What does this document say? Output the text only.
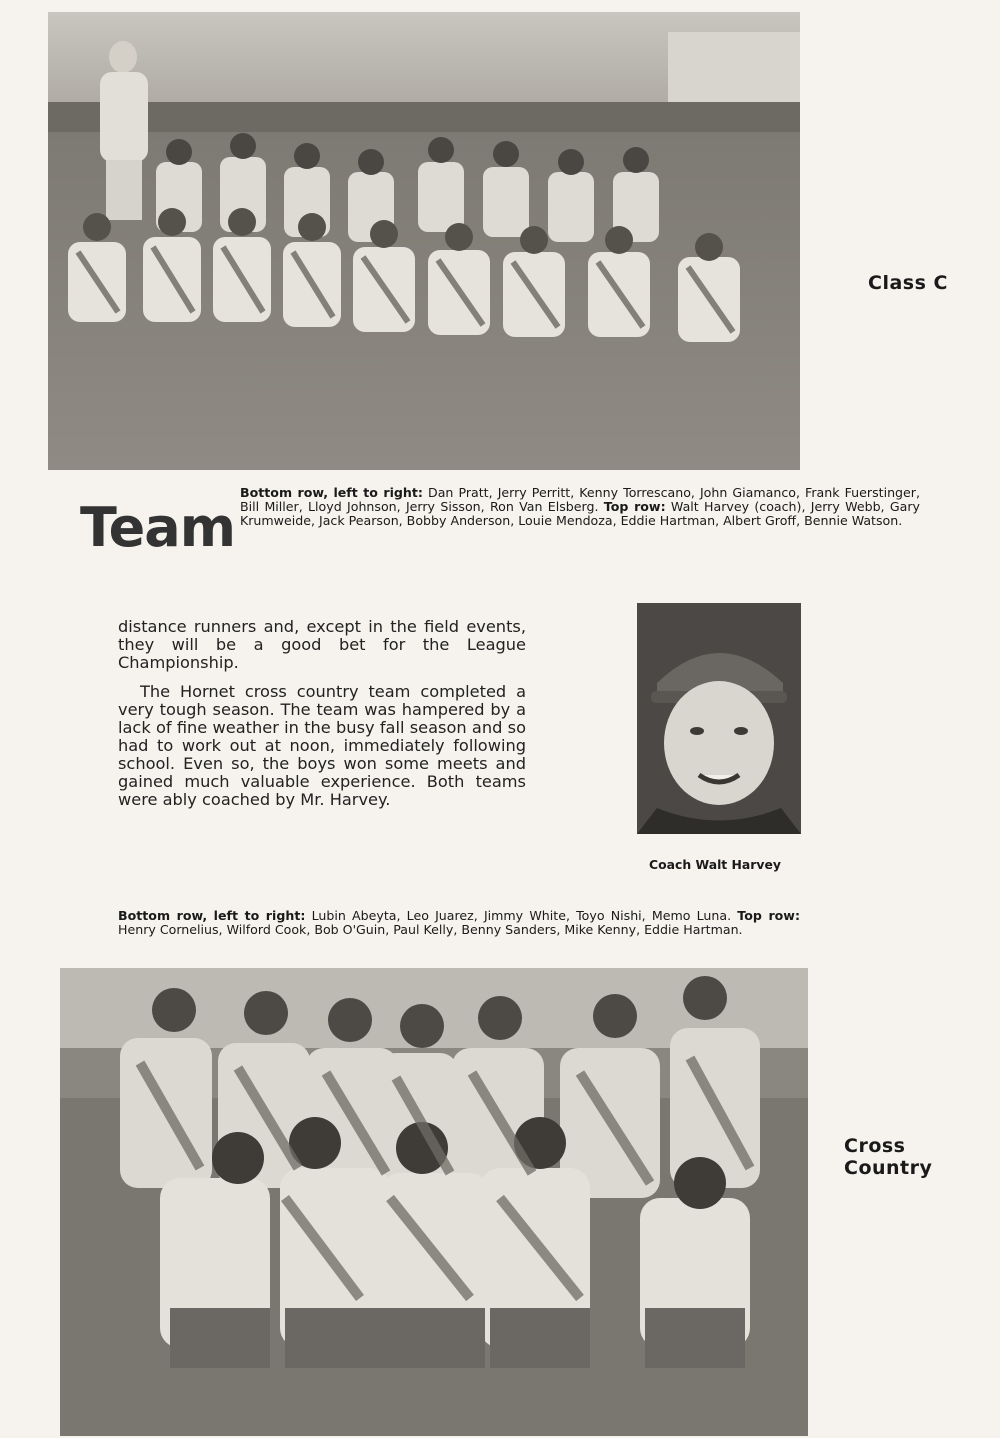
Class C
Team
Bottom row, left to right: Dan Pratt, Jerry Perritt, Kenny Torrescano, John Giamanco, Frank Fuerstinger, Bill Miller, Lloyd Johnson, Jerry Sisson, Ron Van Elsberg. Top row: Walt Harvey (coach), Jerry Webb, Gary Krumweide, Jack Pearson, Bobby Anderson, Louie Mendoza, Eddie Hartman, Albert Groff, Bennie Watson.

distance runners and, except in the field events, they will be a good bet for the League Championship.

The Hornet cross country team completed a very tough season. The team was hampered by a lack of fine weather in the busy fall season and so had to work out at noon, immediately following school. Even so, the boys won some meets and gained much valuable experience. Both teams were ably coached by Mr. Harvey.

Coach Walt Harvey
Bottom row, left to right: Lubin Abeyta, Leo Juarez, Jimmy White, Toyo Nishi, Memo Luna. Top row: Henry Cornelius, Wilford Cook, Bob O'Guin, Paul Kelly, Benny Sanders, Mike Kenny, Eddie Hartman.
Cross Country
